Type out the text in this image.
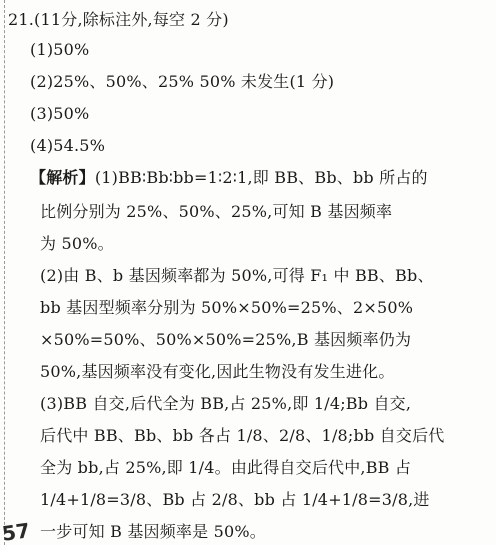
21.(11分,除标注外,每空 2 分)
(1)50%
(2)25%、50%、25% 50% 未发生(1 分)
(3)50%
(4)54.5%
【解析】(1)BB∶Bb∶bb=1∶2∶1,即 BB、Bb、bb 所占的
比例分别为 25%、50%、25%,可知 B 基因频率
为 50%。
(2)由 B、b 基因频率都为 50%,可得 F₁ 中 BB、Bb、
bb 基因型频率分别为 50%×50%=25%、2×50%
×50%=50%、50%×50%=25%,B 基因频率仍为
50%,基因频率没有变化,因此生物没有发生进化。
(3)BB 自交,后代全为 BB,占 25%,即 1/4;Bb 自交,
后代中 BB、Bb、bb 各占 1/8、2/8、1/8;bb 自交后代
全为 bb,占 25%,即 1/4。由此得自交后代中,BB 占
1/4+1/8=3/8、Bb 占 2/8、bb 占 1/4+1/8=3/8,进
一步可知 B 基因频率是 50%。
57
